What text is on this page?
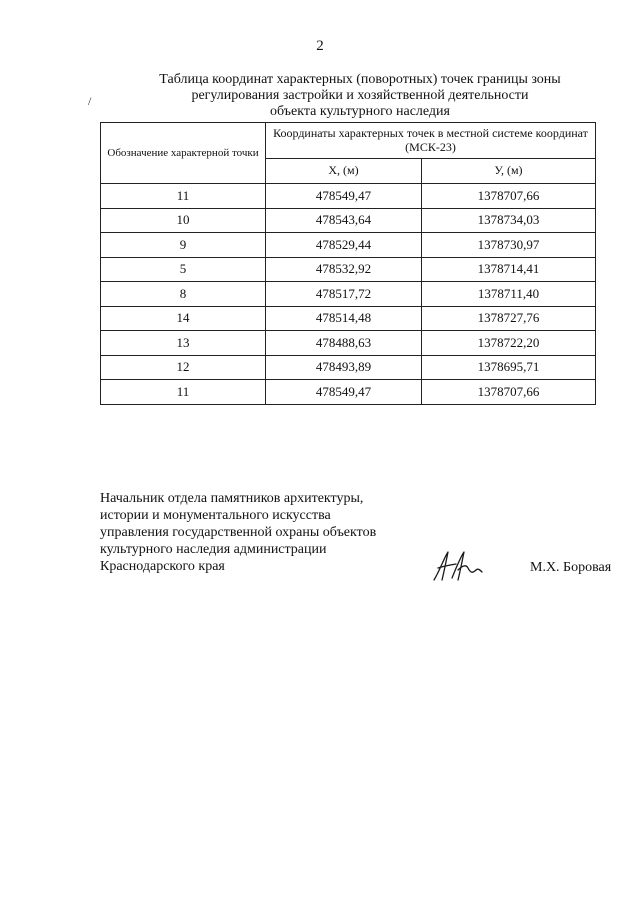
2
Таблица координат характерных (поворотных) точек границы зоны
регулирования застройки и хозяйственной деятельности
объекта культурного наследия
/
Обозначение характерной точки	Координаты характерных точек в местной системе координат (МСК-23)	
	X, (м)	У, (м)
11	478549,47	1378707,66
10	478543,64	1378734,03
9	478529,44	1378730,97
5	478532,92	1378714,41
8	478517,72	1378711,40
14	478514,48	1378727,76
13	478488,63	1378722,20
12	478493,89	1378695,71
11	478549,47	1378707,66
Начальник отдела памятников архитектуры,
истории и монументального искусства
управления государственной охраны объектов
культурного наследия администрации
Краснодарского края	М.Х. Боровая
